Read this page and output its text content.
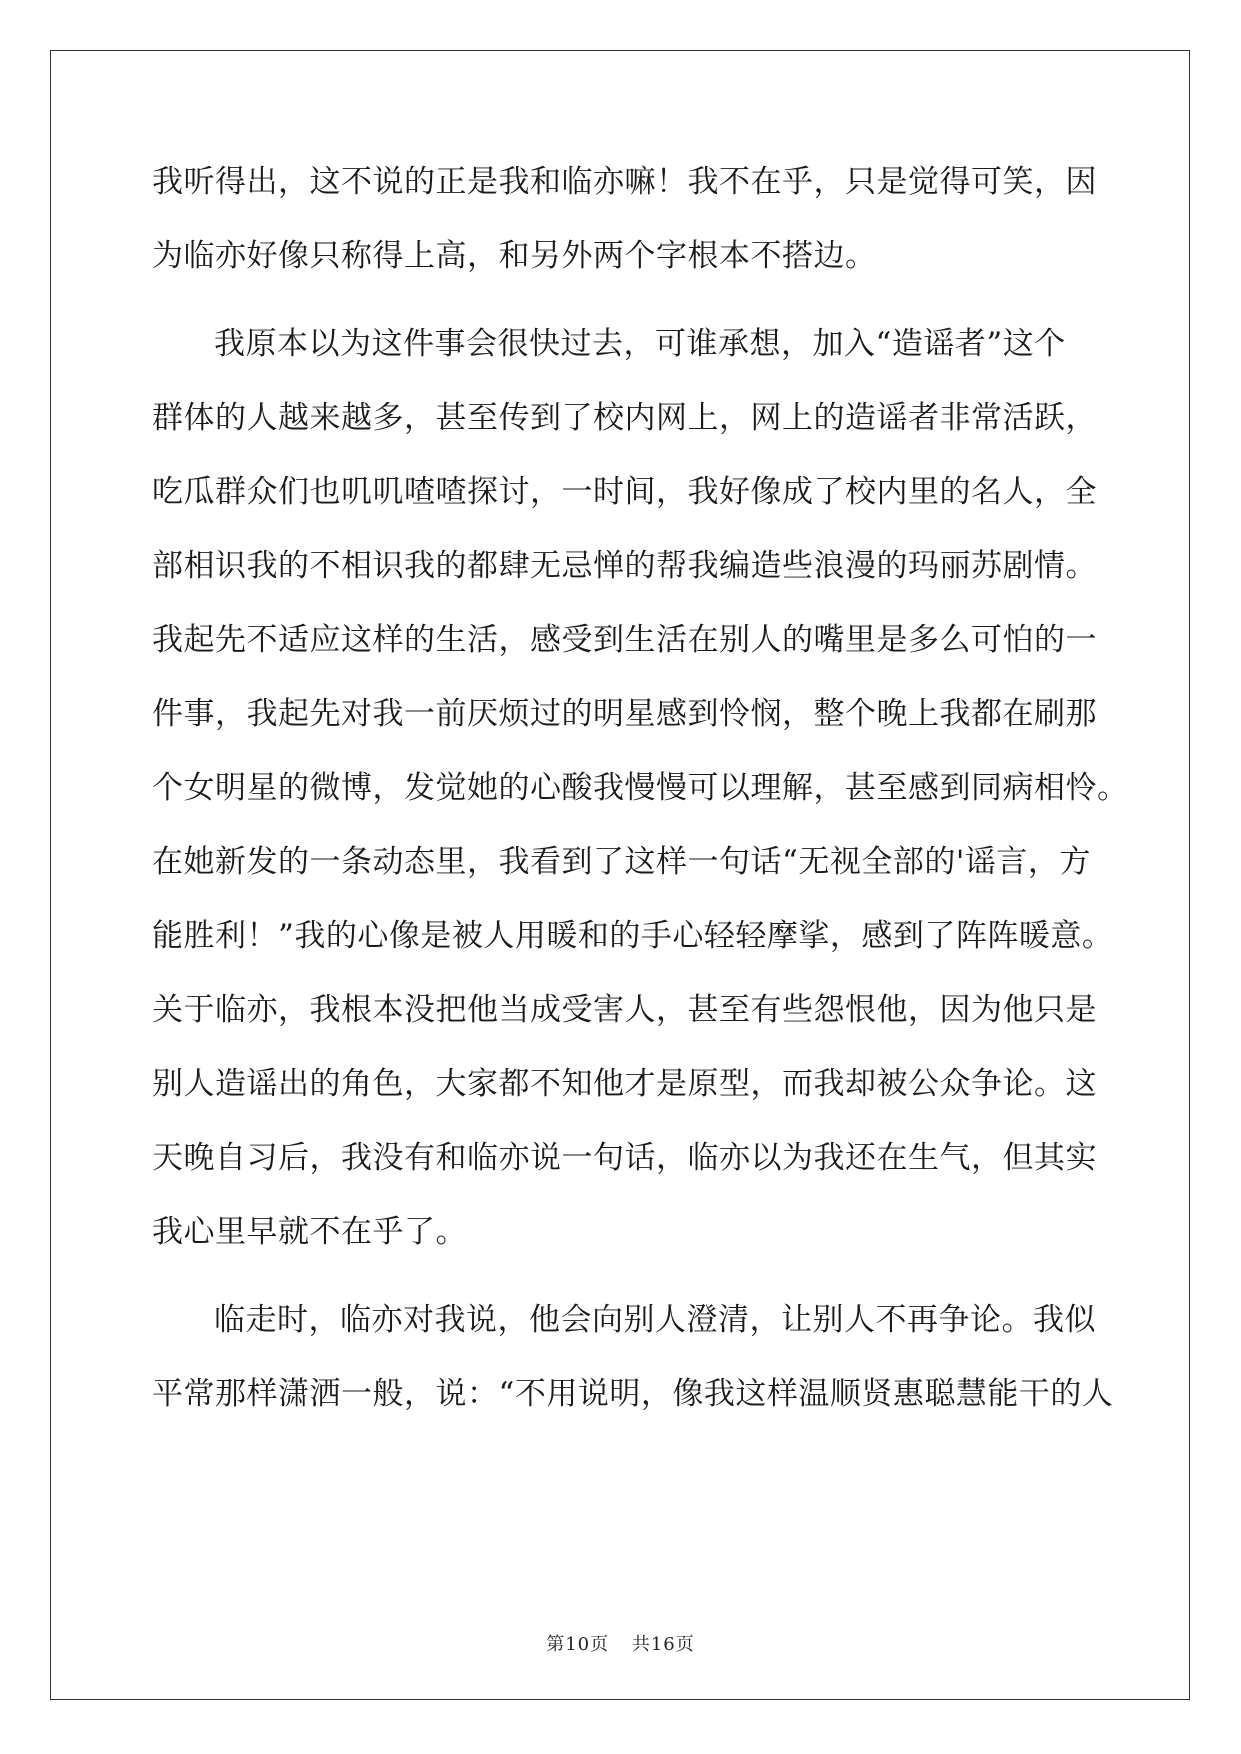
我听得出，这不说的正是我和临亦嘛！我不在乎，只是觉得可笑，因
为临亦好像只称得上高，和另外两个字根本不搭边。
我原本以为这件事会很快过去，可谁承想，加入“造谣者”这个
群体的人越来越多，甚至传到了校内网上，网上的造谣者非常活跃，
吃瓜群众们也叽叽喳喳探讨，一时间，我好像成了校内里的名人，全
部相识我的不相识我的都肆无忌惮的帮我编造些浪漫的玛丽苏剧情。
我起先不适应这样的生活，感受到生活在别人的嘴里是多么可怕的一
件事，我起先对我一前厌烦过的明星感到怜悯，整个晚上我都在刷那
个女明星的微博，发觉她的心酸我慢慢可以理解，甚至感到同病相怜。
在她新发的一条动态里，我看到了这样一句话“无视全部的'谣言，方
能胜利！”我的心像是被人用暖和的手心轻轻摩挲，感到了阵阵暖意。
关于临亦，我根本没把他当成受害人，甚至有些怨恨他，因为他只是
别人造谣出的角色，大家都不知他才是原型，而我却被公众争论。这
天晚自习后，我没有和临亦说一句话，临亦以为我还在生气，但其实
我心里早就不在乎了。
临走时，临亦对我说，他会向别人澄清，让别人不再争论。我似
平常那样潇洒一般，说：“不用说明，像我这样温顺贤惠聪慧能干的人
第10页 共16页
